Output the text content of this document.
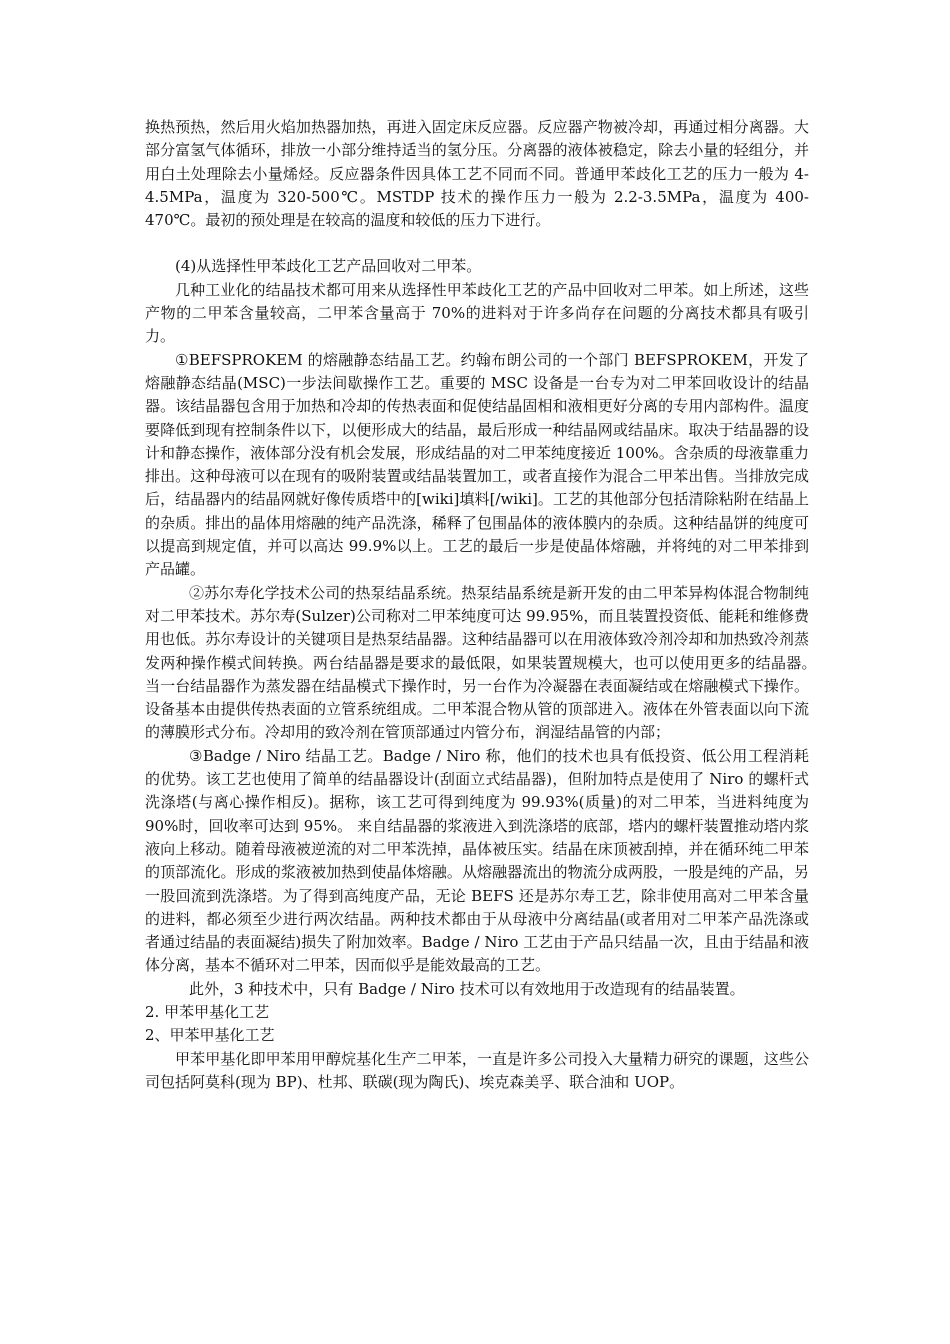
换热预热，然后用火焰加热器加热，再进入固定床反应器。反应器产物被冷却，再通过相分离器。大部分富氢气体循环，排放一小部分维持适当的氢分压。分离器的液体被稳定，除去小量的轻组分，并用白土处理除去小量烯烃。反应器条件因具体工艺不同而不同。普通甲苯歧化工艺的压力一般为 4-4.5MPa，温度为 320-500℃。MSTDP 技术的操作压力一般为 2.2-3.5MPa，温度为 400-470℃。最初的预处理是在较高的温度和较低的压力下进行。

(4)从选择性甲苯歧化工艺产品回收对二甲苯。

几种工业化的结晶技术都可用来从选择性甲苯歧化工艺的产品中回收对二甲苯。如上所述，这些产物的二甲苯含量较高，二甲苯含量高于 70%的进料对于许多尚存在问题的分离技术都具有吸引力。

①BEFSPROKEM 的熔融静态结晶工艺。约翰布朗公司的一个部门 BEFSPROKEM，开发了熔融静态结晶(MSC)一步法间歇操作工艺。重要的 MSC 设备是一台专为对二甲苯回收设计的结晶器。该结晶器包含用于加热和冷却的传热表面和促使结晶固相和液相更好分离的专用内部构件。温度要降低到现有控制条件以下，以便形成大的结晶，最后形成一种结晶网或结晶床。取决于结晶器的设计和静态操作，液体部分没有机会发展，形成结晶的对二甲苯纯度接近 100%。含杂质的母液靠重力排出。这种母液可以在现有的吸附装置或结晶装置加工，或者直接作为混合二甲苯出售。当排放完成后，结晶器内的结晶网就好像传质塔中的[wiki]填料[/wiki]。工艺的其他部分包括清除粘附在结晶上的杂质。排出的晶体用熔融的纯产品洗涤，稀释了包围晶体的液体膜内的杂质。这种结晶饼的纯度可以提高到规定值，并可以高达 99.9%以上。工艺的最后一步是使晶体熔融，并将纯的对二甲苯排到产品罐。

②苏尔寿化学技术公司的热泵结晶系统。热泵结晶系统是新开发的由二甲苯异构体混合物制纯对二甲苯技术。苏尔寿(Sulzer)公司称对二甲苯纯度可达 99.95%，而且装置投资低、能耗和维修费用也低。苏尔寿设计的关键项目是热泵结晶器。这种结晶器可以在用液体致冷剂冷却和加热致冷剂蒸发两种操作模式间转换。两台结晶器是要求的最低限，如果装置规模大，也可以使用更多的结晶器。　当一台结晶器作为蒸发器在结晶模式下操作时，另一台作为冷凝器在表面凝结或在熔融模式下操作。设备基本由提供传热表面的立管系统组成。二甲苯混合物从管的顶部进入。液体在外管表面以向下流的薄膜形式分布。冷却用的致冷剂在管顶部通过内管分布，润湿结晶管的内部；

③Badge / Niro 结晶工艺。Badge / Niro 称，他们的技术也具有低投资、低公用工程消耗的优势。该工艺也使用了简单的结晶器设计(刮面立式结晶器)，但附加特点是使用了 Niro 的螺杆式洗涤塔(与离心操作相反)。据称，该工艺可得到纯度为 99.93%(质量)的对二甲苯，当进料纯度为 90%时，回收率可达到 95%。 来自结晶器的浆液进入到洗涤塔的底部，塔内的螺杆装置推动塔内浆液向上移动。随着母液被逆流的对二甲苯洗掉，晶体被压实。结晶在床顶被刮掉，并在循环纯二甲苯的顶部流化。形成的浆液被加热到使晶体熔融。从熔融器流出的物流分成两股，一股是纯的产品，另一股回流到洗涤塔。为了得到高纯度产品，无论 BEFS 还是苏尔寿工艺，除非使用高对二甲苯含量的进料，都必须至少进行两次结晶。两种技术都由于从母液中分离结晶(或者用对二甲苯产品洗涤或者通过结晶的表面凝结)损失了附加效率。Badge / Niro 工艺由于产品只结晶一次，且由于结晶和液体分离，基本不循环对二甲苯，因而似乎是能效最高的工艺。

此外，3 种技术中，只有 Badge / Niro 技术可以有效地用于改造现有的结晶装置。

2. 甲苯甲基化工艺

2、甲苯甲基化工艺

甲苯甲基化即甲苯用甲醇烷基化生产二甲苯，一直是许多公司投入大量精力研究的课题，这些公司包括阿莫科(现为 BP)、杜邦、联碳(现为陶氏)、埃克森美孚、联合油和 UOP。
